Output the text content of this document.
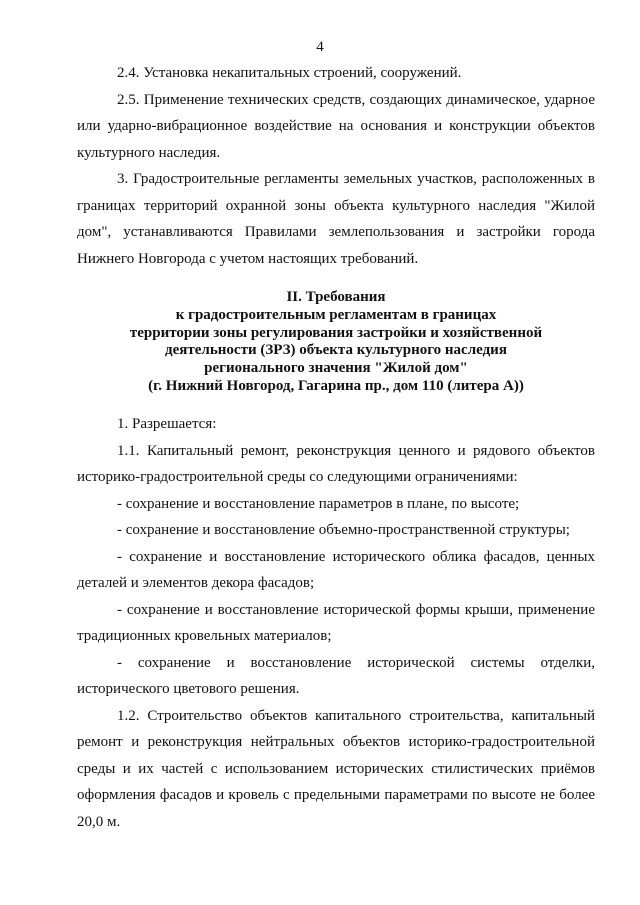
4

2.4. Установка некапитальных строений, сооружений.

2.5. Применение технических средств, создающих динамическое, ударное или ударно-вибрационное воздействие на основания и конструкции объектов культурного наследия.

3. Градостроительные регламенты земельных участков, расположенных в границах территорий охранной зоны объекта культурного наследия "Жилой дом", устанавливаются Правилами землепользования и застройки города Нижнего Новгорода с учетом настоящих требований.

II. Требования
к градостроительным регламентам в границах
территории зоны регулирования застройки и хозяйственной
деятельности (ЗРЗ) объекта культурного наследия
регионального значения "Жилой дом"
(г. Нижний Новгород, Гагарина пр., дом 110 (литера А))

1. Разрешается:

1.1. Капитальный ремонт, реконструкция ценного и рядового объектов историко-градостроительной среды со следующими ограничениями:

- сохранение и восстановление параметров в плане, по высоте;

- сохранение и восстановление объемно-пространственной структуры;

- сохранение и восстановление исторического облика фасадов, ценных деталей и элементов декора фасадов;

- сохранение и восстановление исторической формы крыши, применение традиционных кровельных материалов;

- сохранение и восстановление исторической системы отделки, исторического цветового решения.

1.2. Строительство объектов капитального строительства, капитальный ремонт и реконструкция нейтральных объектов историко-градостроительной среды и их частей с использованием исторических стилистических приёмов оформления фасадов и кровель с предельными параметрами по высоте не более 20,0 м.
